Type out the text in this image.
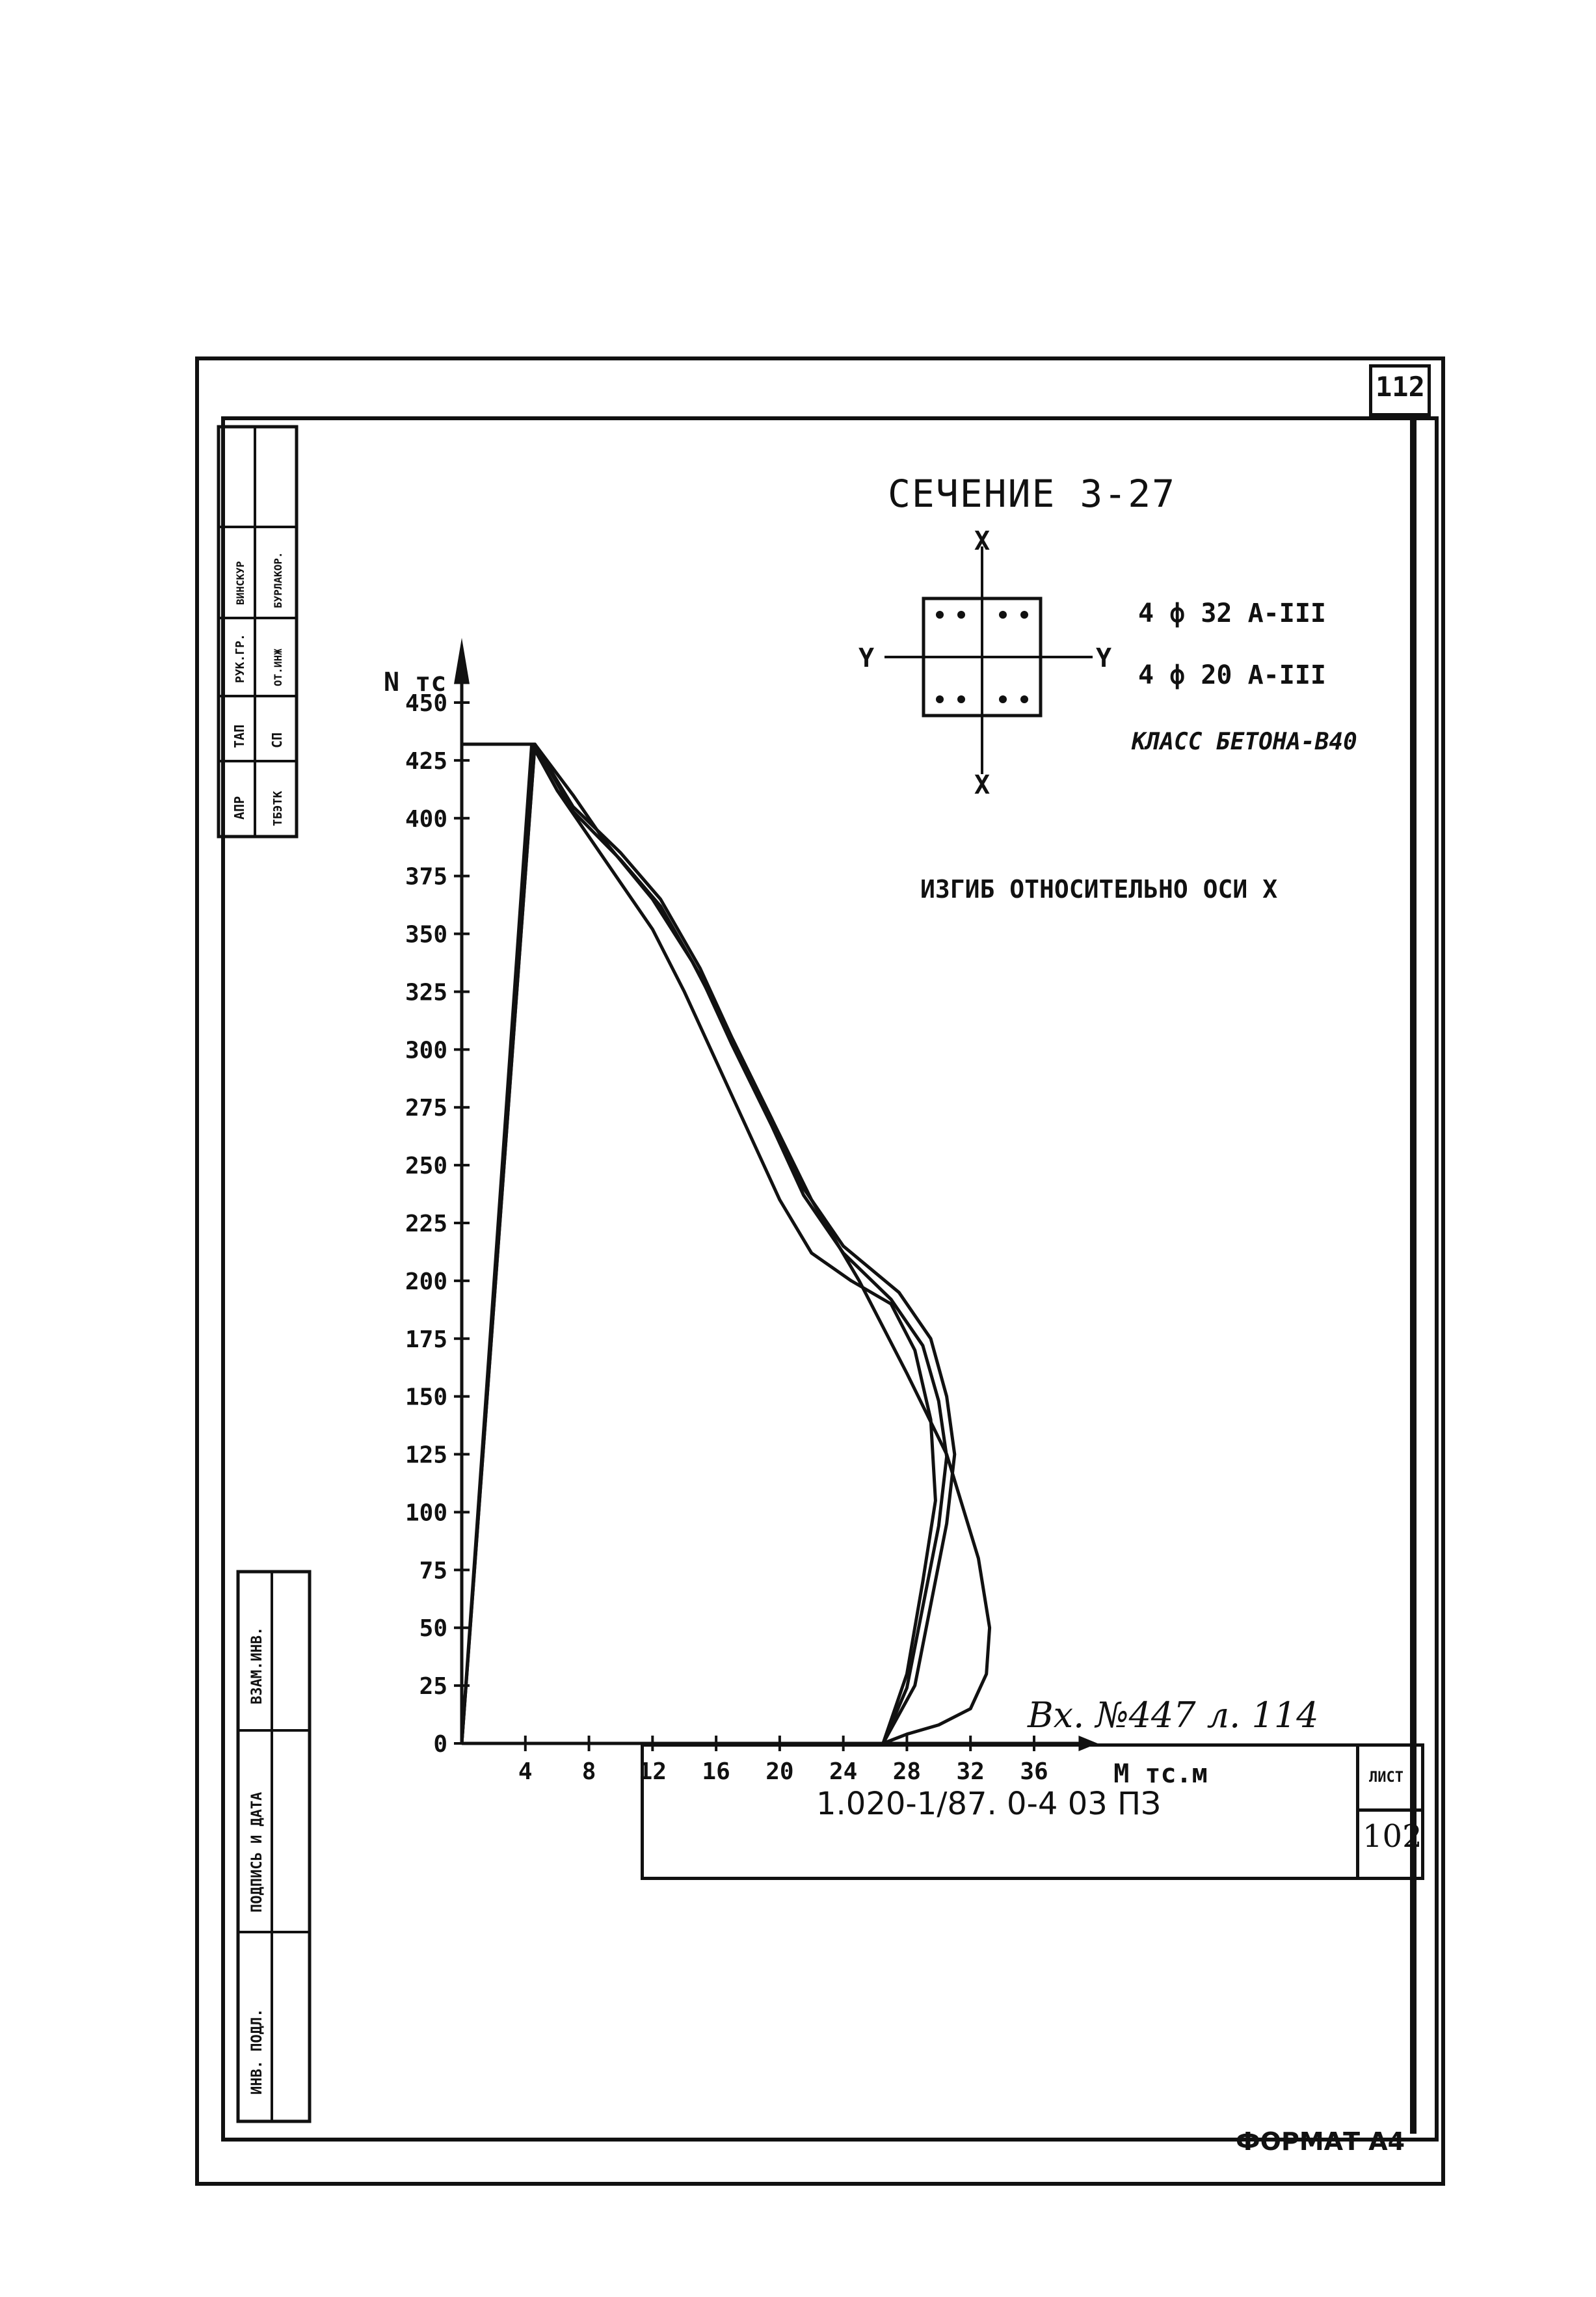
112
АПР
ТАП
РУК.ГР.
ВИНСКУР
ТБЭТК
СП
ОТ.ИНЖ
БУРЛАКОР.
ВЗАМ.ИНВ.
ПОДПИСЬ И ДАТА
ИНВ. ПОДЛ.
СЕЧЕНИЕ 3-27
X
X
Y	Y
4 ф 32 А-III
4 ф 20 А-III
КЛАСС БЕТОНА-В40
ИЗГИБ ОТНОСИТЕЛЬНО ОСИ X
0
25
50
75
100
125
150
175
200
225
250
275
300
325
350
375
400
425
450
4 8 12 16 20 24 28 32 36
N тс
М тс.м
Вх. №447 л. 114
1.020-1/87. 0-4 03 ПЗ
ЛИСТ
102
ФОРМАТ А4
